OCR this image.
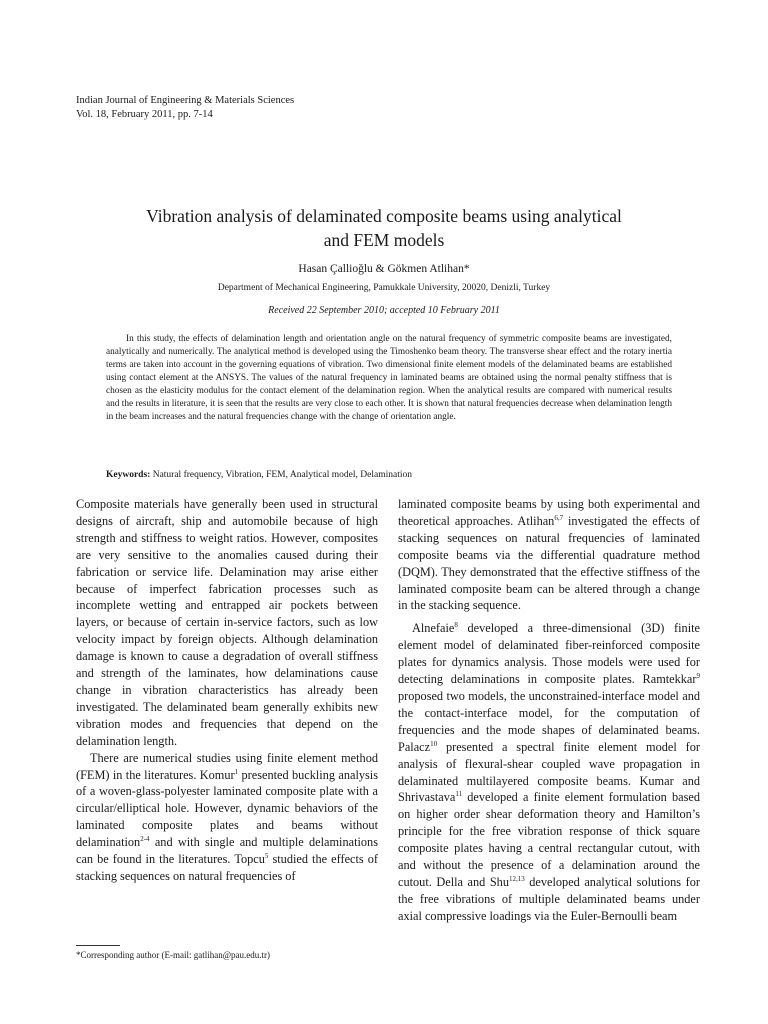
Indian Journal of Engineering & Materials Sciences
Vol. 18, February 2011, pp. 7-14
Vibration analysis of delaminated composite beams using analytical
and FEM models
Hasan Çallioğlu & Gökmen Atlihan*
Department of Mechanical Engineering, Pamukkale University, 20020, Denizli, Turkey
Received 22 September 2010; accepted 10 February 2011

In this study, the effects of delamination length and orientation angle on the natural frequency of symmetric composite beams are investigated, analytically and numerically. The analytical method is developed using the Timoshenko beam theory. The transverse shear effect and the rotary inertia terms are taken into account in the governing equations of vibration. Two dimensional finite element models of the delaminated beams are established using contact element at the ANSYS. The values of the natural frequency in laminated beams are obtained using the normal penalty stiffness that is chosen as the elasticity modulus for the contact element of the delamination region. When the analytical results are compared with numerical results and the results in literature, it is seen that the results are very close to each other. It is shown that natural frequencies decrease when delamination length in the beam increases and the natural frequencies change with the change of orientation angle.

Keywords: Natural frequency, Vibration, FEM, Analytical model, Delamination

Composite materials have generally been used in structural designs of aircraft, ship and automobile because of high strength and stiffness to weight ratios. However, composites are very sensitive to the anomalies caused during their fabrication or service life. Delamination may arise either because of imperfect fabrication processes such as incomplete wetting and entrapped air pockets between layers, or because of certain in-service factors, such as low velocity impact by foreign objects. Although delamination damage is known to cause a degradation of overall stiffness and strength of the laminates, how delaminations cause change in vibration characteristics has already been investigated. The delaminated beam generally exhibits new vibration modes and frequencies that depend on the delamination length.

There are numerical studies using finite element method (FEM) in the literatures. Komur$^1$ presented buckling analysis of a woven-glass-polyester laminated composite plate with a circular/elliptical hole. However, dynamic behaviors of the laminated composite plates and beams without delamination$^{2-4}$ and with single and multiple delaminations can be found in the literatures. Topcu$^5$ studied the effects of stacking sequences on natural frequencies of

laminated composite beams by using both experimental and theoretical approaches. Atlihan$^{6,7}$ investigated the effects of stacking sequences on natural frequencies of laminated composite beams via the differential quadrature method (DQM). They demonstrated that the effective stiffness of the laminated composite beam can be altered through a change in the stacking sequence.

Alnefaie$^8$ developed a three-dimensional (3D) finite element model of delaminated fiber-reinforced composite plates for dynamics analysis. Those models were used for detecting delaminations in composite plates. Ramtekkar$^9$ proposed two models, the unconstrained-interface model and the contact-interface model, for the computation of frequencies and the mode shapes of delaminated beams. Palacz$^{10}$ presented a spectral finite element model for analysis of flexural-shear coupled wave propagation in delaminated multilayered composite beams. Kumar and Shrivastava$^{11}$ developed a finite element formulation based on higher order shear deformation theory and Hamilton’s principle for the free vibration response of thick square composite plates having a central rectangular cutout, with and without the presence of a delamination around the cutout. Della and Shu$^{12,13}$ developed analytical solutions for the free vibrations of multiple delaminated beams under axial compressive loadings via the Euler-Bernoulli beam

*Corresponding author (E-mail: gatlihan@pau.edu.tr)
